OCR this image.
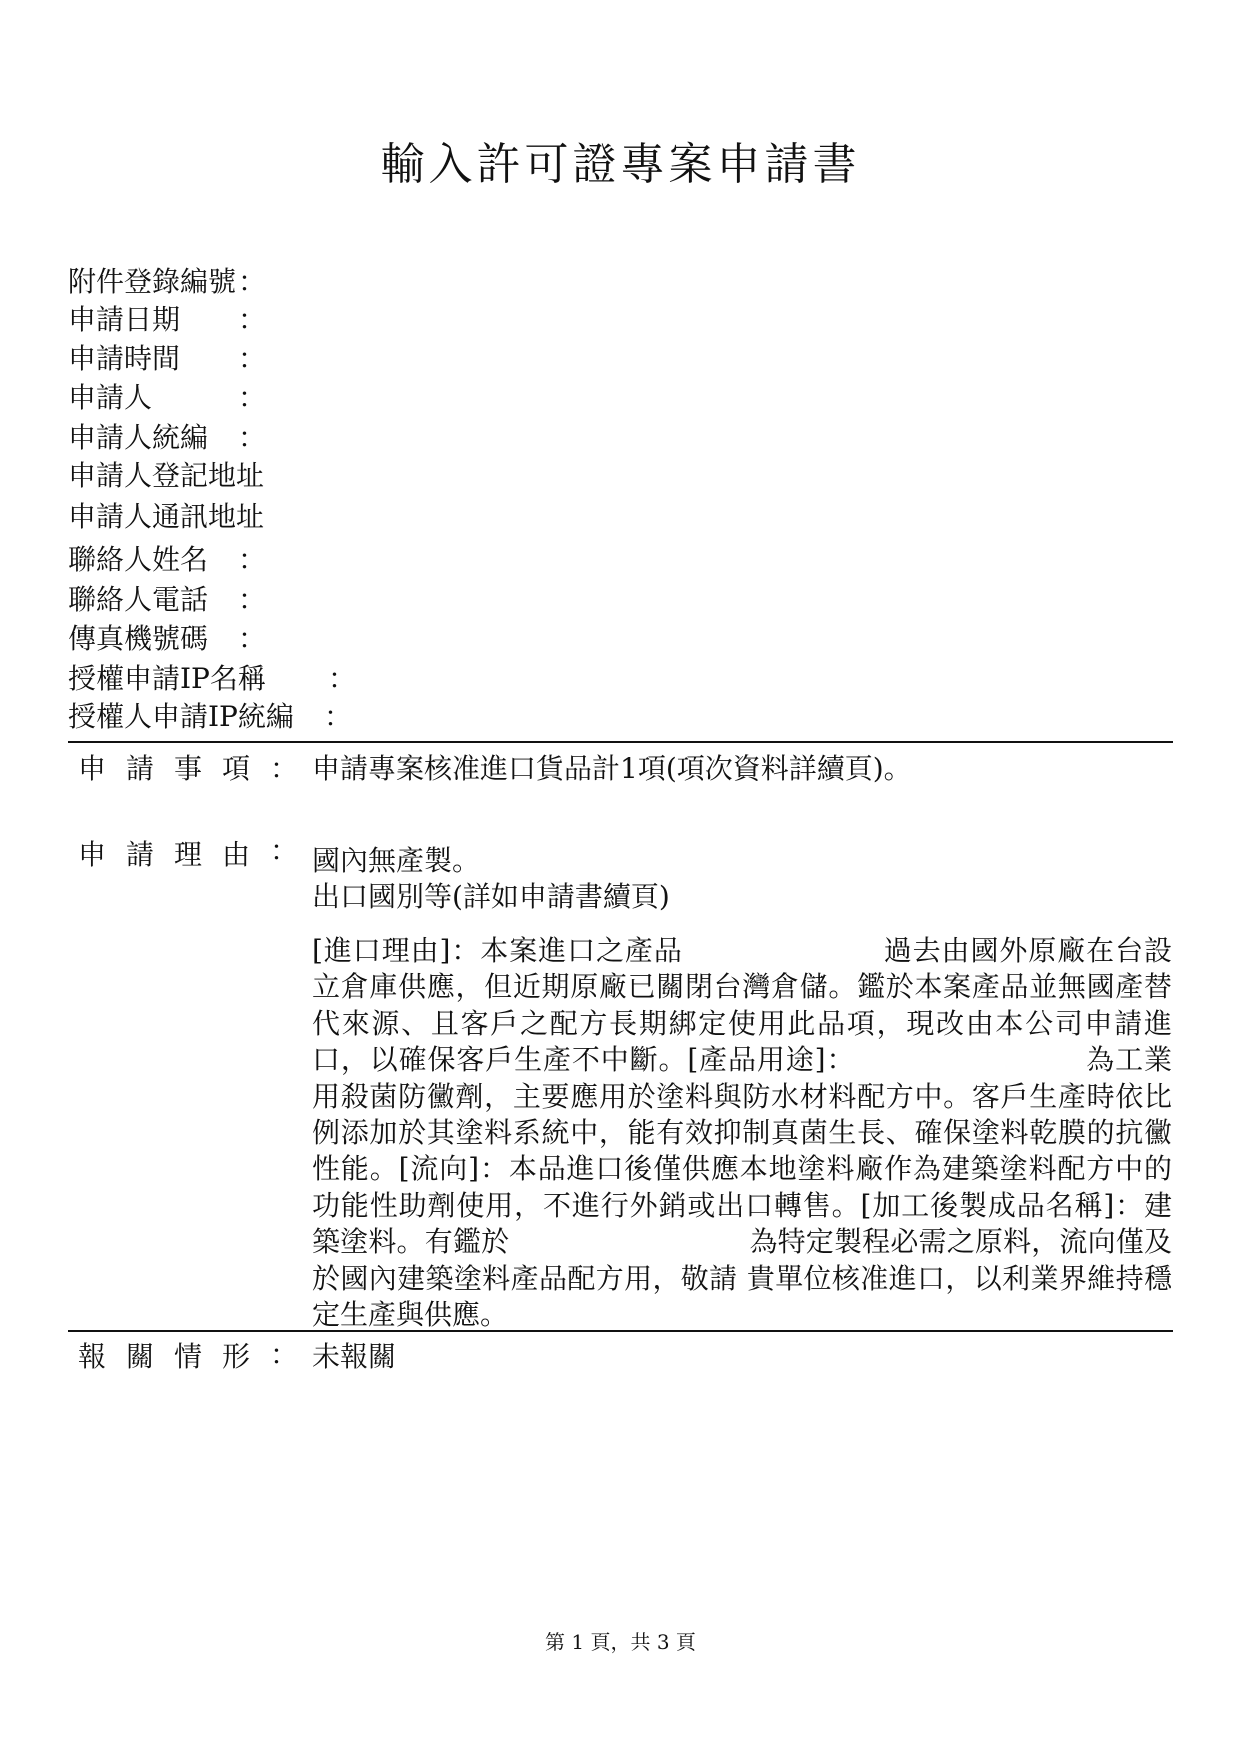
輸入許可證專案申請書
附件登錄編號 ：
申請日期 ：
申請時間 ：
申請人	：
申請人統編 ：
申請人登記地址
申請人通訊地址
聯絡人姓名 ：
聯絡人電話 ：
傳真機號碼 ：
授權申請IP名稱 ：
授權人申請IP統編 ：
申請事項 ： 申請專案核准進口貨品計1項(項次資料詳續頁)。
申請理由 ： 國內無產製。
出口國別等(詳如申請書續頁)

[進口理由]：本案進口之產品	過去由國外原廠在台設立倉庫供應，但近期原廠已關閉台灣倉儲。鑑於本案產品並無國產替代來源、且客戶之配方長期綁定使用此品項，現改由本公司申請進口，以確保客戶生產不中斷。[產品用途]：	為工業用殺菌防黴劑，主要應用於塗料與防水材料配方中。客戶生產時依比例添加於其塗料系統中，能有效抑制真菌生長、確保塗料乾膜的抗黴性能。[流向]：本品進口後僅供應本地塗料廠作為建築塗料配方中的功能性助劑使用，不進行外銷或出口轉售。[加工後製成品名稱]：建築塗料。有鑑於	為特定製程必需之原料，流向僅及於國內建築塗料產品配方用，敬請 貴單位核准進口，以利業界維持穩定生產與供應。

報關情形 ： 未報關
第 1 頁，共 3 頁
